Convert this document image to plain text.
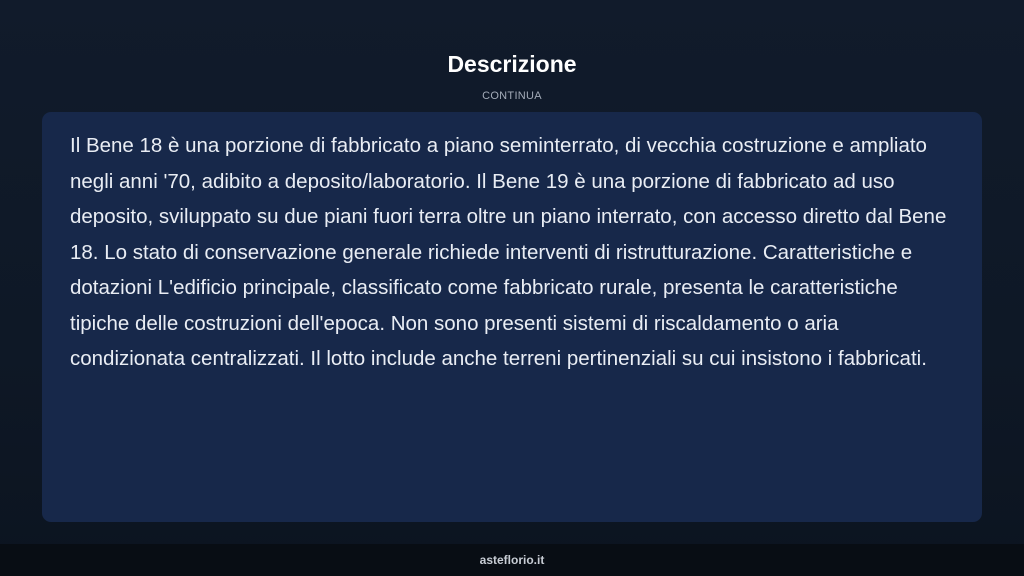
Descrizione
CONTINUA

Il Bene 18 è una porzione di fabbricato a piano seminterrato, di vecchia costruzione e ampliato negli anni '70, adibito a deposito/laboratorio. Il Bene 19 è una porzione di fabbricato ad uso deposito, sviluppato su due piani fuori terra oltre un piano interrato, con accesso diretto dal Bene 18. Lo stato di conservazione generale richiede interventi di ristrutturazione. Caratteristiche e dotazioni L'edificio principale, classificato come fabbricato rurale, presenta le caratteristiche tipiche delle costruzioni dell'epoca. Non sono presenti sistemi di riscaldamento o aria condizionata centralizzati. Il lotto include anche terreni pertinenziali su cui insistono i fabbricati.

asteflorio.it
